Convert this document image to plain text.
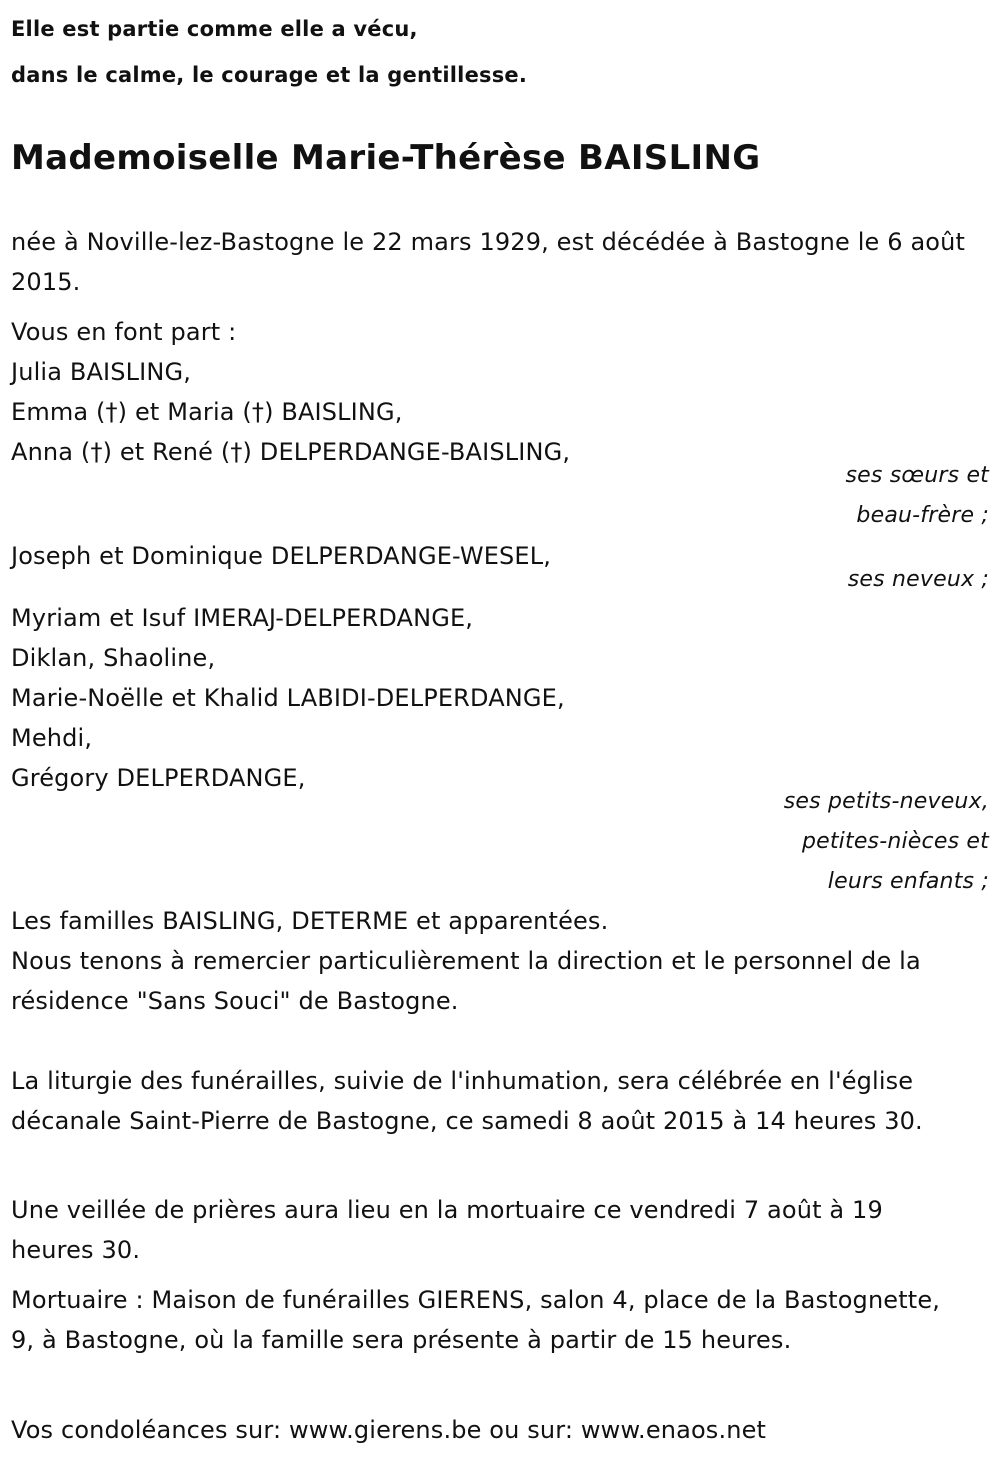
Elle est partie comme elle a vécu,
dans le calme, le courage et la gentillesse.
Mademoiselle Marie-Thérèse BAISLING
née à Noville-lez-Bastogne le 22 mars 1929, est décédée à Bastogne le 6 août 2015.
Vous en font part :
Julia BAISLING,
Emma (†) et Maria (†) BAISLING,
Anna (†) et René (†) DELPERDANGE-BAISLING,
ses sœurs et
beau-frère ;
Joseph et Dominique DELPERDANGE-WESEL,
ses neveux ;
Myriam et Isuf IMERAJ-DELPERDANGE,
Diklan, Shaoline,
Marie-Noëlle et Khalid LABIDI-DELPERDANGE,
Mehdi,
Grégory DELPERDANGE,
ses petits-neveux,
petites-nièces et
leurs enfants ;
Les familles BAISLING, DETERME et apparentées.
Nous tenons à remercier particulièrement la direction et le personnel de la résidence "Sans Souci" de Bastogne.
La liturgie des funérailles, suivie de l'inhumation, sera célébrée en l'église décanale Saint-Pierre de Bastogne, ce samedi 8 août 2015 à 14 heures 30.
Une veillée de prières aura lieu en la mortuaire ce vendredi 7 août à 19 heures 30.
Mortuaire : Maison de funérailles GIERENS, salon 4, place de la Bastognette, 9, à Bastogne, où la famille sera présente à partir de 15 heures.
Vos condoléances sur: www.gierens.be ou sur: www.enaos.net
